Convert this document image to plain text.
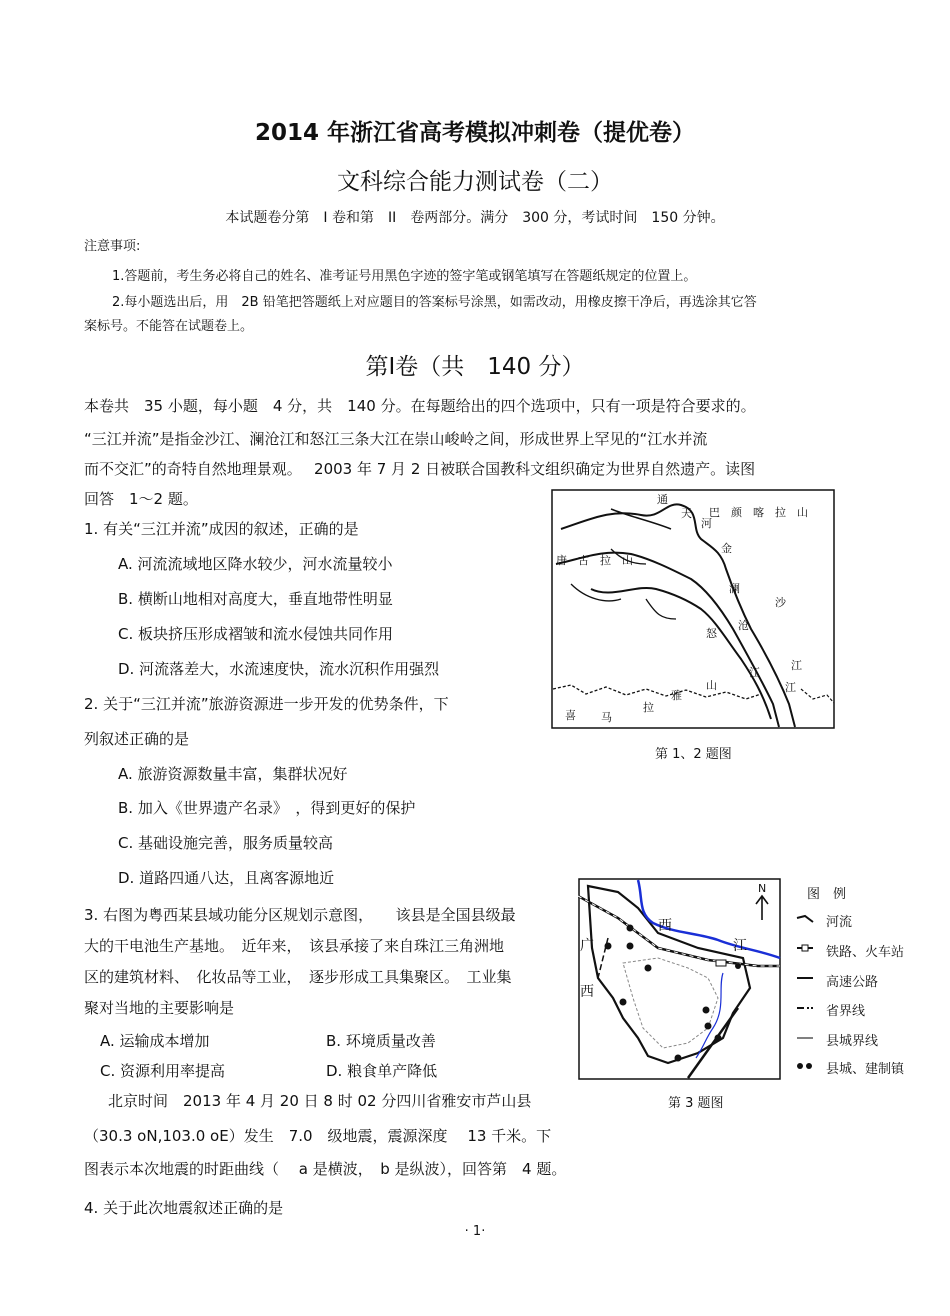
2014 年浙江省高考模拟冲刺卷（提优卷）
文科综合能力测试卷（二）
本试题卷分第　I 卷和第　II　卷两部分。满分　300 分，考试时间　150 分钟。
注意事项:
1.答题前，考生务必将自己的姓名、准考证号用黑色字迹的签字笔或钢笔填写在答题纸规定的位置上。
2.每小题选出后，用　2B 铅笔把答题纸上对应题目的答案标号涂黑，如需改动，用橡皮擦干净后，再选涂其它答
案标号。不能答在试题卷上。
第Ⅰ卷（共　140 分）
本卷共　35 小题，每小题　4 分，共　140 分。在每题给出的四个选项中，只有一项是符合要求的。
“三江并流”是指金沙江、澜沧江和怒江三条大江在崇山峻岭之间，形成世界上罕见的“江水并流
而不交汇”的奇特自然地理景观。　 2003 年 7 月 2 日被联合国教科文组织确定为世界自然遗产。读图
回答　1～2 题。
1. 有关“三江并流”成因的叙述，正确的是
A. 河流流域地区降水较少，河水流量较小
B. 横断山地相对高度大，垂直地带性明显
C. 板块挤压形成褶皱和流水侵蚀共同作用
D. 河流落差大，水流速度快，流水沉积作用强烈
2. 关于“三江并流”旅游资源进一步开发的优势条件，下
列叙述正确的是
A. 旅游资源数量丰富，集群状况好
B. 加入《世界遗产名录》　，得到更好的保护
C. 基础设施完善，服务质量较高
D. 道路四通八达，且离客源地近
通
天
河
巴　颜　喀　拉　山
唐　古　拉　山
金
澜
沙
怒
沧
江
江
江
山
雅
拉
喜 马
第 1、2 题图
3. 右图为粤西某县域功能分区规划示意图，　　该县是全国县级最
大的干电池生产基地。　近年来，　该县承接了来自珠江三角洲地
区的建筑材料、　化妆品等工业，　逐步形成工具集聚区。　工业集
聚对当地的主要影响是
A. 运输成本增加	B. 环境质量改善
C. 资源利用率提高	D. 粮食单产降低
N
西
江
广
西
第 3 题图
图　例
河流
铁路、火车站
高速公路
省界线
县城界线
县城、建制镇
北京时间　2013 年 4 月 20 日 8 时 02 分四川省雅安市芦山县
（30.3 oN,103.0 oE）发生　7.0　级地震，震源深度　 13 千米。下
图表示本次地震的时距曲线（　 a 是横波，　b 是纵波），回答第　4 题。
4. 关于此次地震叙述正确的是
· 1·
